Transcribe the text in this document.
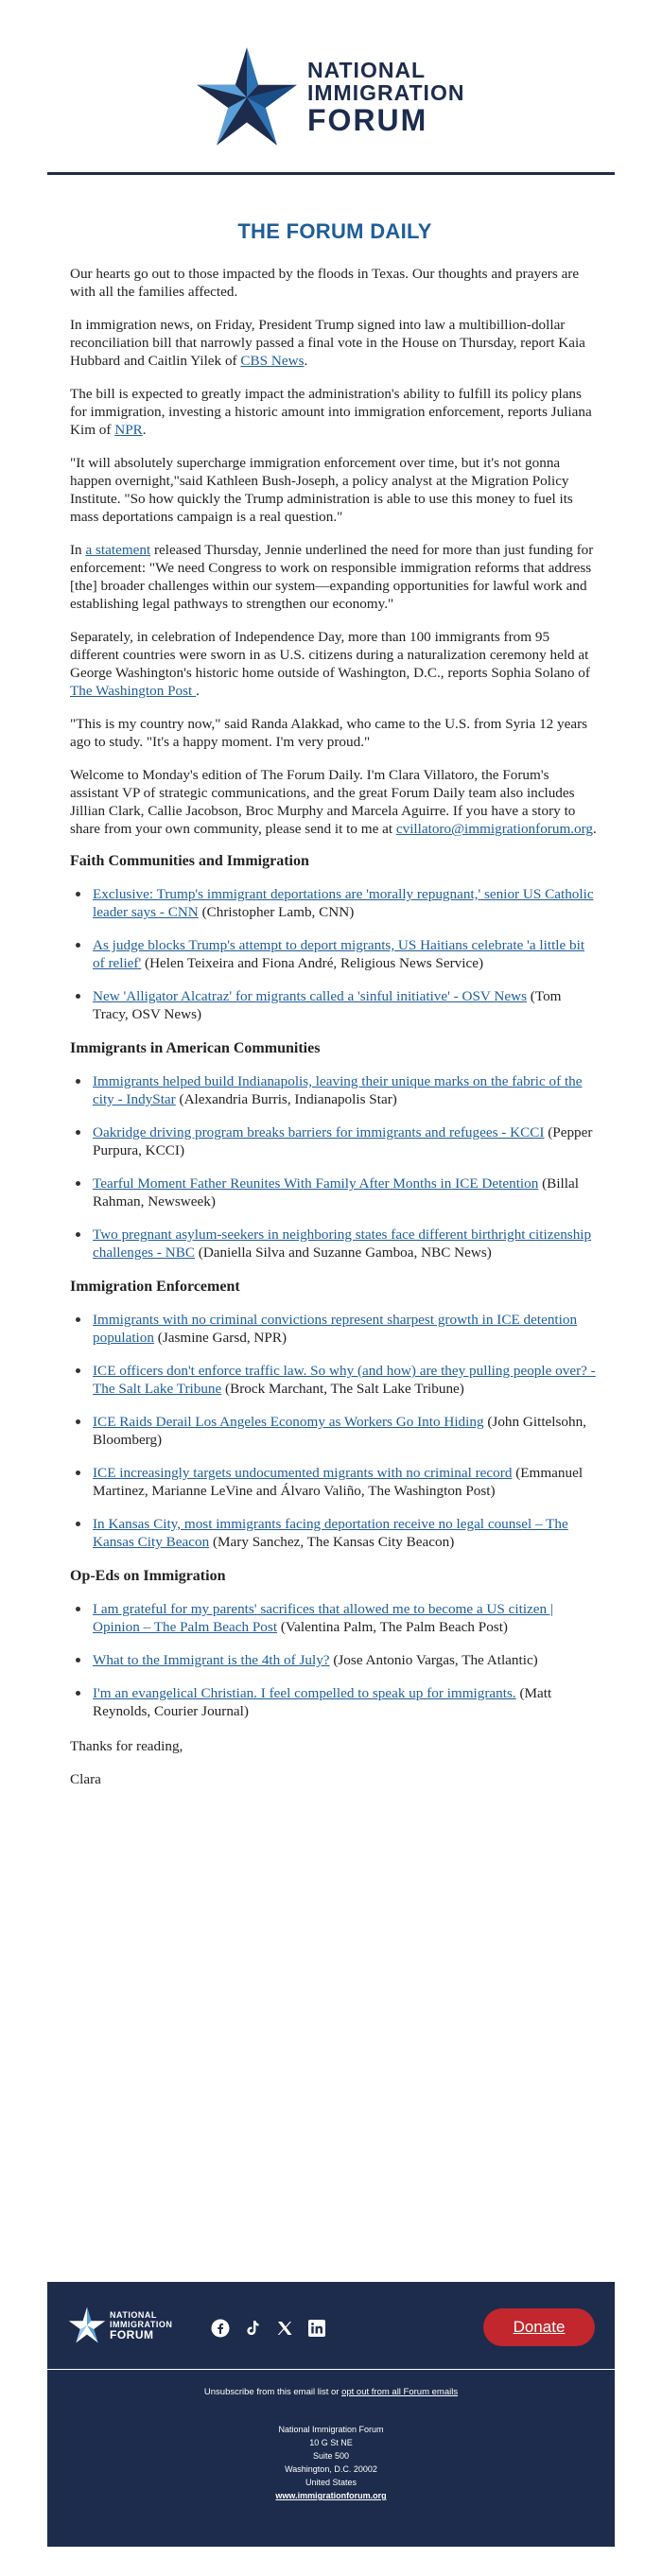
NATIONAL
IMMIGRATION
FORUM
THE FORUM DAILY

Our hearts go out to those impacted by the floods in Texas. Our thoughts and prayers are with all the families affected.

In immigration news, on Friday, President Trump signed into law a multibillion-dollar reconciliation bill that narrowly passed a final vote in the House on Thursday, report Kaia Hubbard and Caitlin Yilek of CBS News.

The bill is expected to greatly impact the administration's ability to fulfill its policy plans for immigration, investing a historic amount into immigration enforcement, reports Juliana Kim of NPR.

"It will absolutely supercharge immigration enforcement over time, but it's not gonna happen overnight,"said Kathleen Bush-Joseph, a policy analyst at the Migration Policy Institute. "So how quickly the Trump administration is able to use this money to fuel its mass deportations campaign is a real question."

In a statement released Thursday, Jennie underlined the need for more than just funding for enforcement: "We need Congress to work on responsible immigration reforms that address [the] broader challenges within our system—expanding opportunities for lawful work and establishing legal pathways to strengthen our economy."

Separately, in celebration of Independence Day, more than 100 immigrants from 95 different countries were sworn in as U.S. citizens during a naturalization ceremony held at George Washington's historic home outside of Washington, D.C., reports Sophia Solano of The Washington Post .

"This is my country now," said Randa Alakkad, who came to the U.S. from Syria 12 years ago to study. "It's a happy moment. I'm very proud."

Welcome to Monday's edition of The Forum Daily. I'm Clara Villatoro, the Forum's assistant VP of strategic communications, and the great Forum Daily team also includes Jillian Clark, Callie Jacobson, Broc Murphy and Marcela Aguirre. If you have a story to share from your own community, please send it to me at cvillatoro@immigrationforum.org.

Faith Communities and Immigration
Exclusive: Trump's immigrant deportations are 'morally repugnant,' senior US Catholic leader says - CNN (Christopher Lamb, CNN)
As judge blocks Trump's attempt to deport migrants, US Haitians celebrate 'a little bit of relief' (Helen Teixeira and Fiona André, Religious News Service)
New 'Alligator Alcatraz' for migrants called a 'sinful initiative' - OSV News (Tom Tracy, OSV News)
Immigrants in American Communities
Immigrants helped build Indianapolis, leaving their unique marks on the fabric of the city - IndyStar (Alexandria Burris, Indianapolis Star)
Oakridge driving program breaks barriers for immigrants and refugees - KCCI (Pepper Purpura, KCCI)
Tearful Moment Father Reunites With Family After Months in ICE Detention (Billal Rahman, Newsweek)
Two pregnant asylum-seekers in neighboring states face different birthright citizenship challenges - NBC (Daniella Silva and Suzanne Gamboa, NBC News)
Immigration Enforcement
Immigrants with no criminal convictions represent sharpest growth in ICE detention population (Jasmine Garsd, NPR)
ICE officers don't enforce traffic law. So why (and how) are they pulling people over? - The Salt Lake Tribune (Brock Marchant, The Salt Lake Tribune)
ICE Raids Derail Los Angeles Economy as Workers Go Into Hiding (John Gittelsohn, Bloomberg)
ICE increasingly targets undocumented migrants with no criminal record (Emmanuel Martinez, Marianne LeVine and Álvaro Valiño, The Washington Post)
In Kansas City, most immigrants facing deportation receive no legal counsel – The Kansas City Beacon (Mary Sanchez, The Kansas City Beacon)
Op-Eds on Immigration
I am grateful for my parents' sacrifices that allowed me to become a US citizen | Opinion – The Palm Beach Post (Valentina Palm, The Palm Beach Post)
What to the Immigrant is the 4th of July? (Jose Antonio Vargas, The Atlantic)
I'm an evangelical Christian. I feel compelled to speak up for immigrants. (Matt Reynolds, Courier Journal)

Thanks for reading,

Clara

NATIONAL
IMMIGRATION
FORUM	Donate
Unsubscribe from this email list or opt out from all Forum emails
National Immigration Forum
10 G St NE
Suite 500
Washington, D.C. 20002
United States
www.immigrationforum.org
